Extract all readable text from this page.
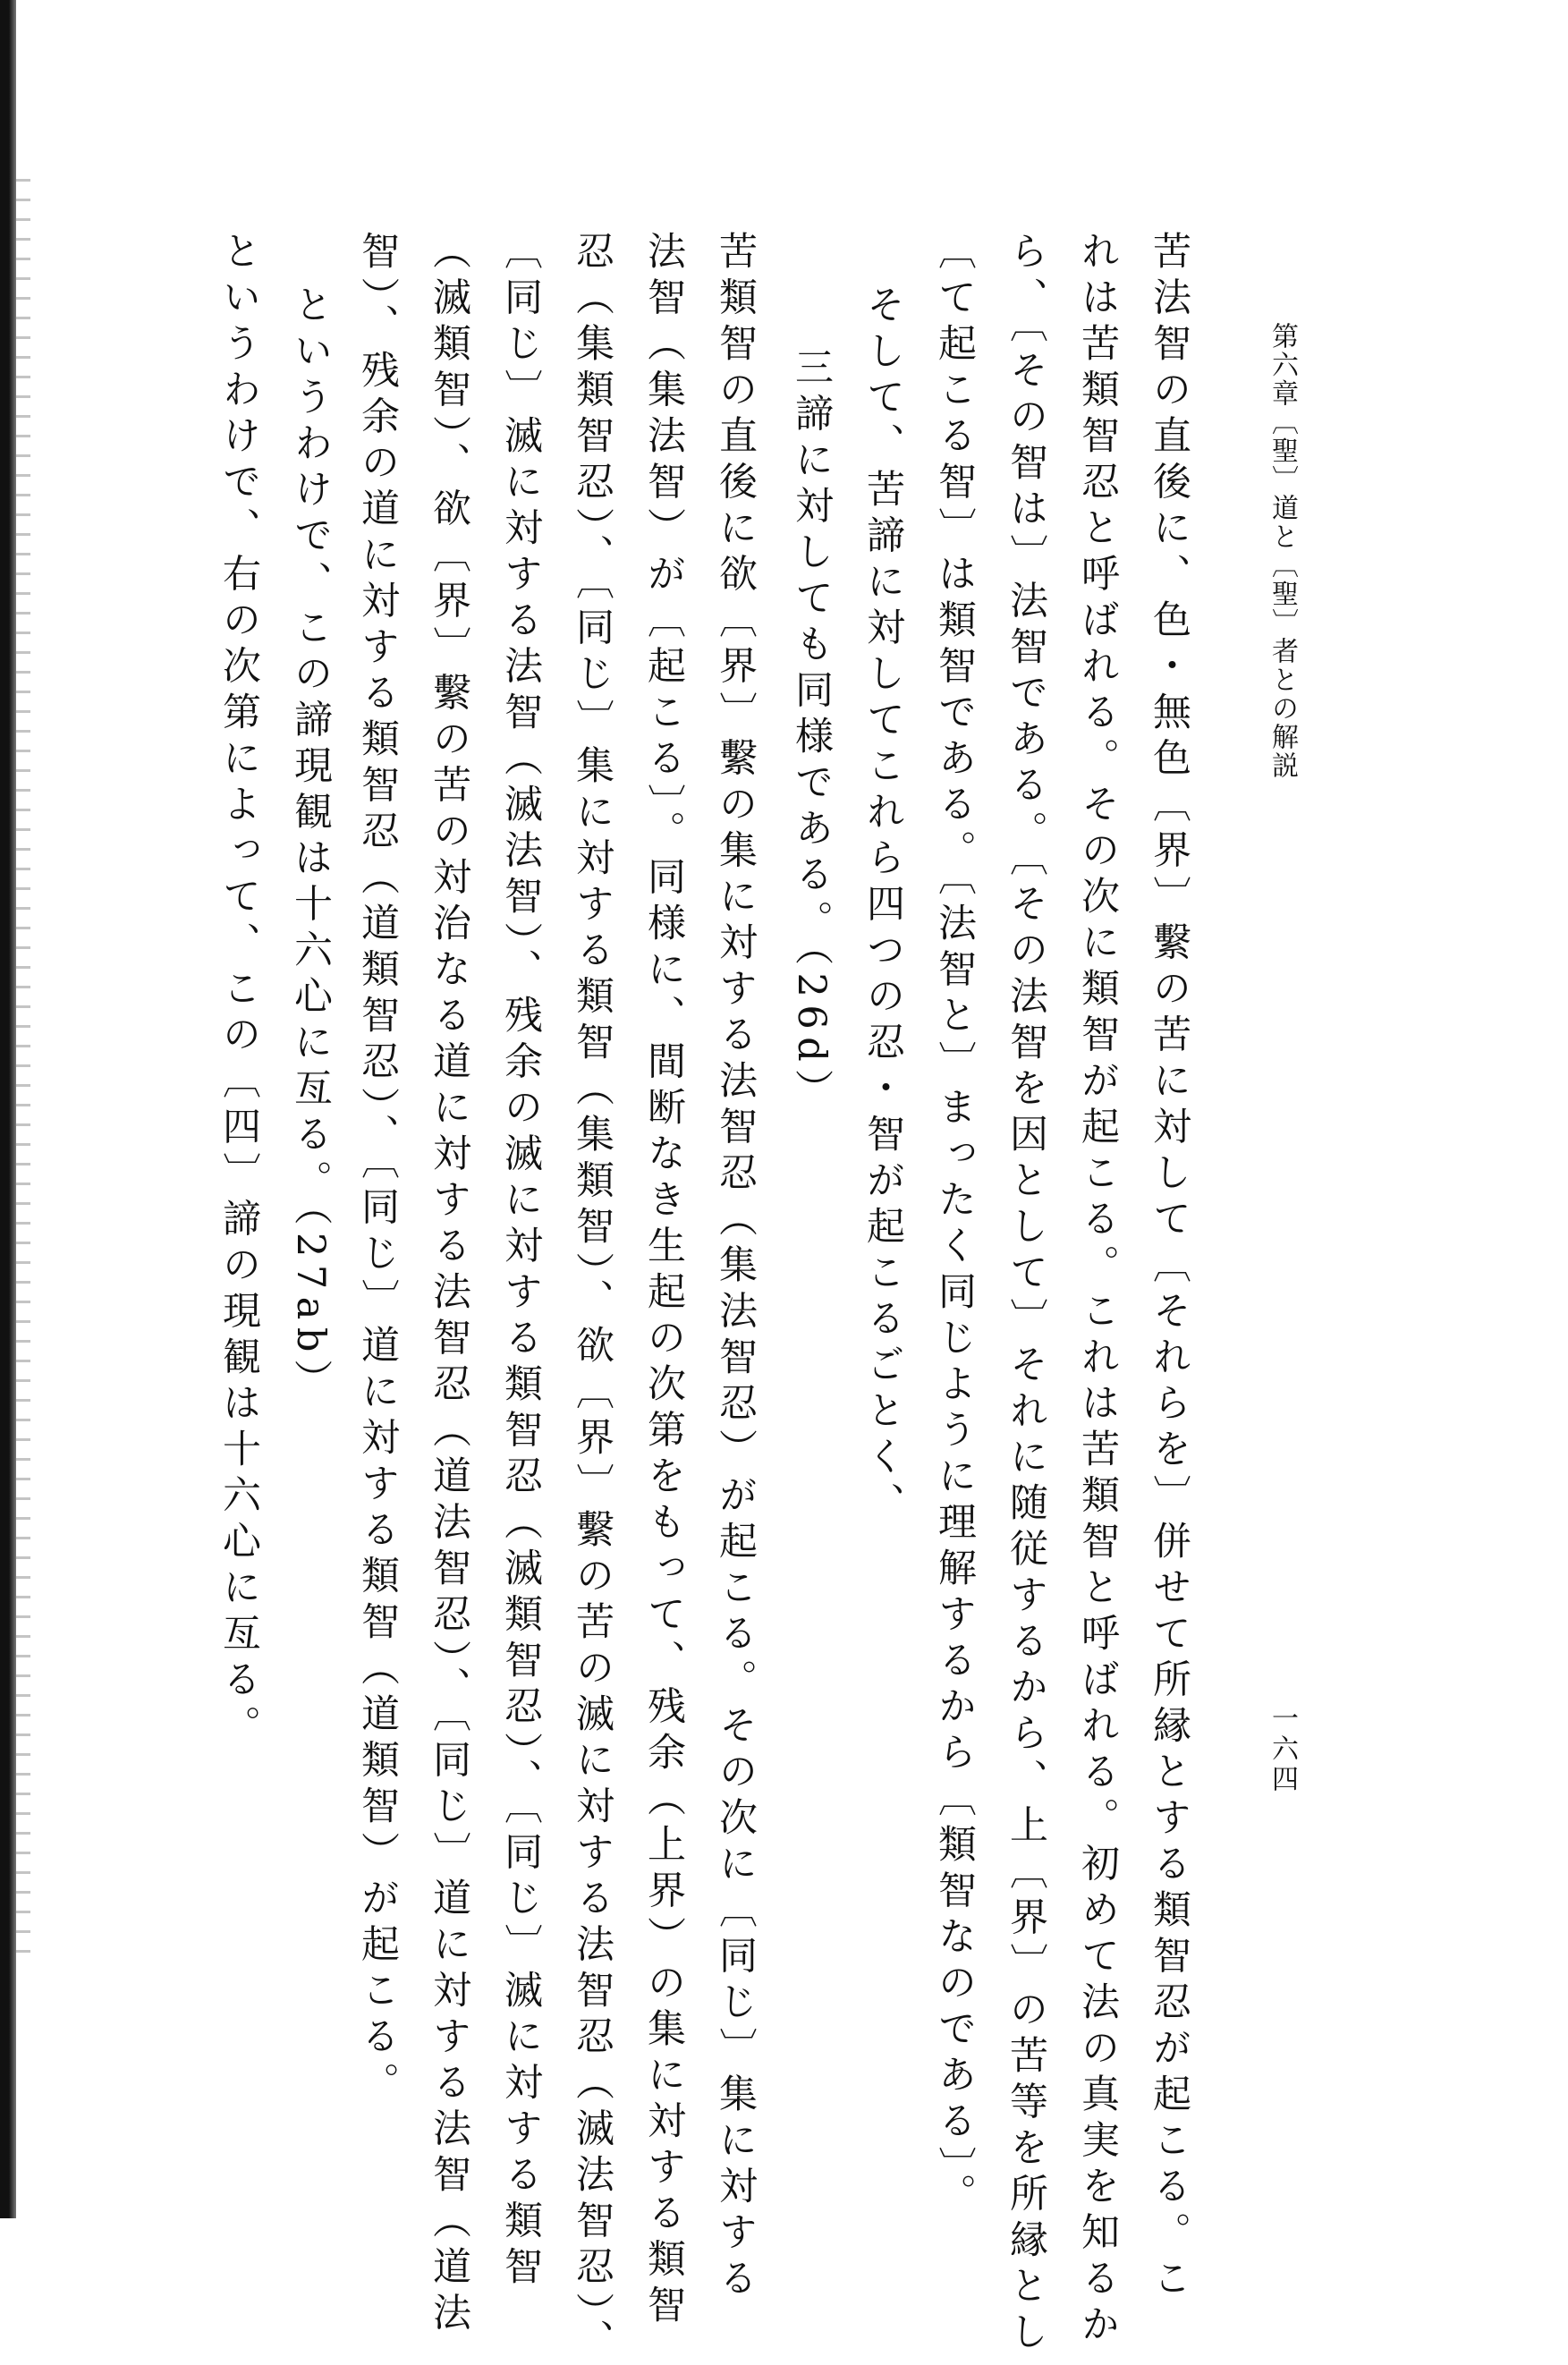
第六章〔聖〕道と〔聖〕者との解説
一六四
苦法智の直後に、色・無色〔界〕繫の苦に対して〔それらを〕併せて所縁とする類智忍が起こる。こ
れは苦類智忍と呼ばれる。その次に類智が起こる。これは苦類智と呼ばれる。初めて法の真実を知るか
ら、〔その智は〕法智である。〔その法智を因として〕それに随従するから、上〔界〕の苦等を所縁とし
〔て起こる智〕は類智である。〔法智と〕まったく同じように理解するから〔類智なのである〕。
そして、苦諦に対してこれら四つの忍・智が起こるごとく、
三諦に対しても同様である。（26d）
苦類智の直後に欲〔界〕繫の集に対する法智忍（集法智忍）が起こる。その次に〔同じ〕集に対する
法智（集法智）が〔起こる〕。同様に、間断なき生起の次第をもって、残余（上界）の集に対する類智
忍（集類智忍）、〔同じ〕集に対する類智（集類智）、欲〔界〕繫の苦の滅に対する法智忍（滅法智忍）、
〔同じ〕滅に対する法智（滅法智）、残余の滅に対する類智忍（滅類智忍）、〔同じ〕滅に対する類智
（滅類智）、欲〔界〕繫の苦の対治なる道に対する法智忍（道法智忍）、〔同じ〕道に対する法智（道法
智）、残余の道に対する類智忍（道類智忍）、〔同じ〕道に対する類智（道類智）が起こる。
というわけで、この諦現観は十六心に亙る。（27ab）
というわけで、右の次第によって、この〔四〕諦の現観は十六心に亙る。
